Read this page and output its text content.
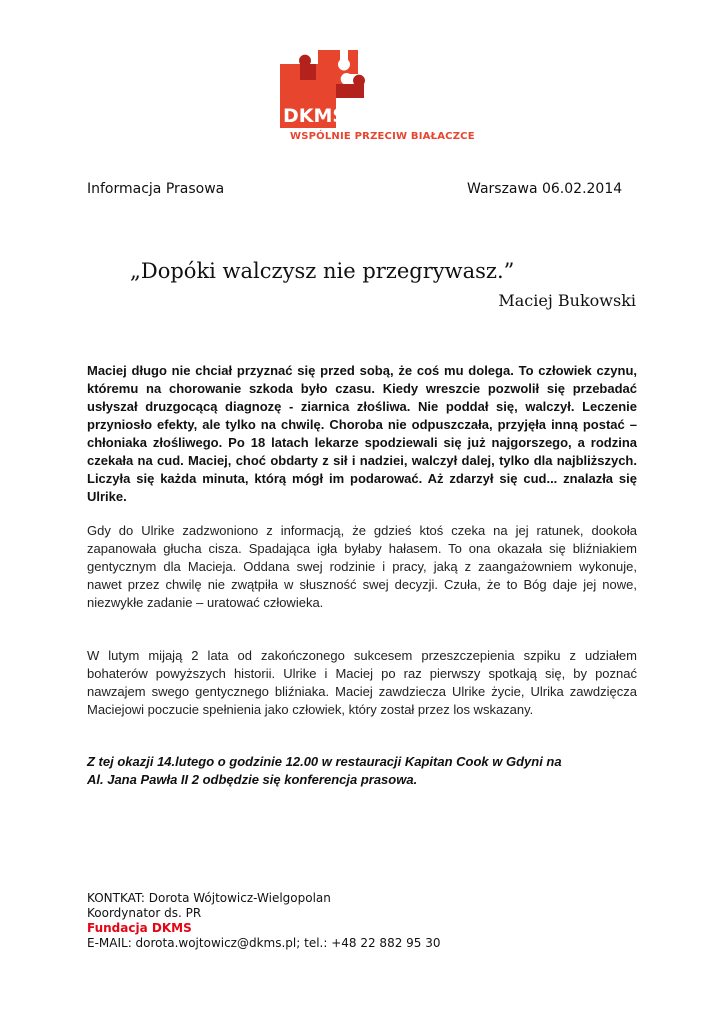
DKMS
WSPÓLNIE PRZECIW BIAŁACZCE
Informacja Prasowa	Warszawa 06.02.2014
„Dopóki walczysz nie przegrywasz.”
Maciej Bukowski

Maciej długo nie chciał przyznać się przed sobą, że coś mu dolega. To człowiek czynu, któremu na chorowanie szkoda było czasu. Kiedy wreszcie pozwolił się przebadać usłyszał druzgocącą diagnozę - ziarnica złośliwa. Nie poddał się, walczył. Leczenie przyniosło efekty, ale tylko na chwilę. Choroba nie odpuszczała, przyjęła inną postać – chłoniaka złośliwego. Po 18 latach lekarze spodziewali się już najgorszego, a rodzina czekała na cud. Maciej, choć obdarty z sił i nadziei, walczył dalej, tylko dla najbliższych. Liczyła się każda minuta, którą mógł im podarować. Aż zdarzył się cud... znalazła się Ulrike.

Gdy do Ulrike zadzwoniono z informacją, że gdzieś ktoś czeka na jej ratunek, dookoła zapanowała głucha cisza. Spadająca igła byłaby hałasem. To ona okazała się bliźniakiem gentycznym dla Macieja. Oddana swej rodzinie i pracy, jaką z zaangażowniem wykonuje, nawet przez chwilę nie zwątpiła w słuszność swej decyzji. Czuła, że to Bóg daje jej nowe, niezwykłe zadanie – uratować człowieka.

W lutym mijają 2 lata od zakończonego sukcesem przeszczepienia szpiku z udziałem bohaterów powyższych historii. Ulrike i Maciej po raz pierwszy spotkają się, by poznać nawzajem swego gentycznego bliźniaka. Maciej zawdziecza Ulrike życie, Ulrika zawdzięcza Maciejowi poczucie spełnienia jako człowiek, który został przez los wskazany.

Z tej okazji 14.lutego o godzinie 12.00 w restauracji Kapitan Cook w Gdyni na
Al. Jana Pawła II 2 odbędzie się konferencja prasowa.
KONTKAT: Dorota Wójtowicz-Wielgopolan
Koordynator ds. PR
Fundacja DKMS
E-MAIL: dorota.wojtowicz@dkms.pl; tel.: +48 22 882 95 30
